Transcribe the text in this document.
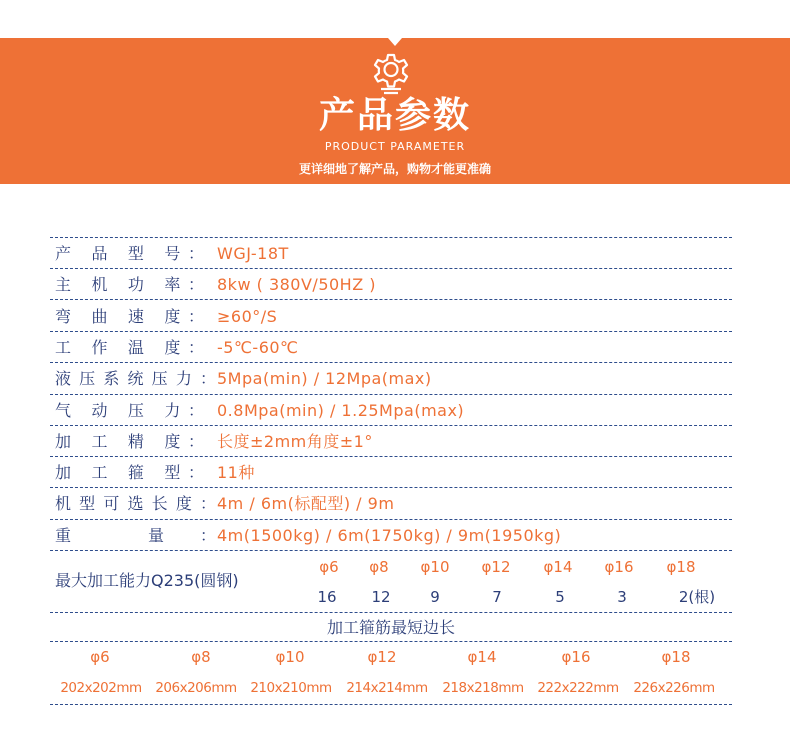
产品参数
PRODUCT PARAMETER
更详细地了解产品，购物才能更准确
产 品 型 号： WGJ-18T
主 机 功 率： 8kw ( 380V/50HZ )
弯 曲 速 度： ≥60°/S
工 作 温 度： -5℃-60℃
液压系统压力： 5Mpa(min) / 12Mpa(max)
气 动 压 力： 0.8Mpa(min) / 1.25Mpa(max)
加 工 精 度： 长度±2mm角度±1°
加 工 箍 型： 11种
机型可选长度： 4m / 6m(标配型) / 9m
重 量： 4m(1500kg) / 6m(1750kg) / 9m(1950kg)
最大加工能力Q235(圆钢)
φ6	φ8	φ10	φ12	φ14	φ16	φ18
16	12	9	7	5	3	2(根)
加工箍筋最短边长
φ6	φ8	φ10	φ12	φ14	φ16	φ18
202x202mm	206x206mm	210x210mm	214x214mm	218x218mm	222x222mm	226x226mm
